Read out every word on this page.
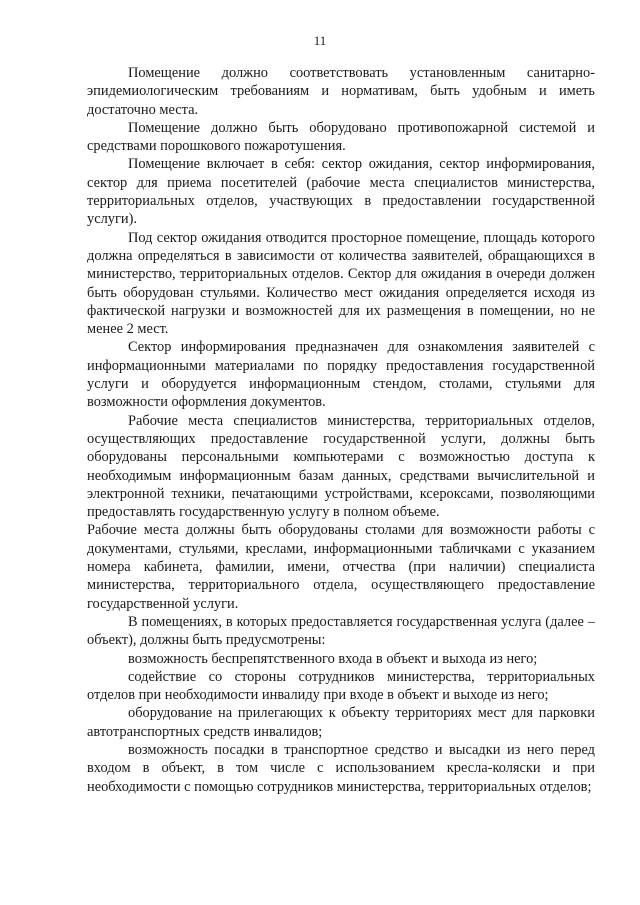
11

Помещение должно соответствовать установленным санитарно-эпидемиологическим требованиям и нормативам, быть удобным и иметь достаточно места.

Помещение должно быть оборудовано противопожарной системой и средствами порошкового пожаротушения.

Помещение включает в себя: сектор ожидания, сектор информирования, сектор для приема посетителей (рабочие места специалистов министерства, территориальных отделов, участвующих в предоставлении государственной услуги).

Под сектор ожидания отводится просторное помещение, площадь которого должна определяться в зависимости от количества заявителей, обращающихся в министерство, территориальных отделов. Сектор для ожидания в очереди должен быть оборудован стульями. Количество мест ожидания определяется исходя из фактической нагрузки и возможностей для их размещения в помещении, но не менее 2 мест.

Сектор информирования предназначен для ознакомления заявителей с информационными материалами по порядку предоставления государственной услуги и оборудуется информационным стендом, столами, стульями для возможности оформления документов.

Рабочие места специалистов министерства, территориальных отделов, осуществляющих предоставление государственной услуги, должны быть оборудованы персональными компьютерами с возможностью доступа к необходимым информационным базам данных, средствами вычислительной и электронной техники, печатающими устройствами, ксероксами, позволяющими предоставлять государственную услугу в полном объеме.

Рабочие места должны быть оборудованы столами для возможности работы с документами, стульями, креслами, информационными табличками с указанием номера кабинета, фамилии, имени, отчества (при наличии) специалиста министерства, территориального отдела, осуществляющего предоставление государственной услуги.

В помещениях, в которых предоставляется государственная услуга (далее – объект), должны быть предусмотрены:

возможность беспрепятственного входа в объект и выхода из него;

содействие со стороны сотрудников министерства, территориальных отделов при необходимости инвалиду при входе в объект и выходе из него;

оборудование на прилегающих к объекту территориях мест для парковки автотранспортных средств инвалидов;

возможность посадки в транспортное средство и высадки из него перед входом в объект, в том числе с использованием кресла-коляски и при необходимости с помощью сотрудников министерства, территориальных отделов;
